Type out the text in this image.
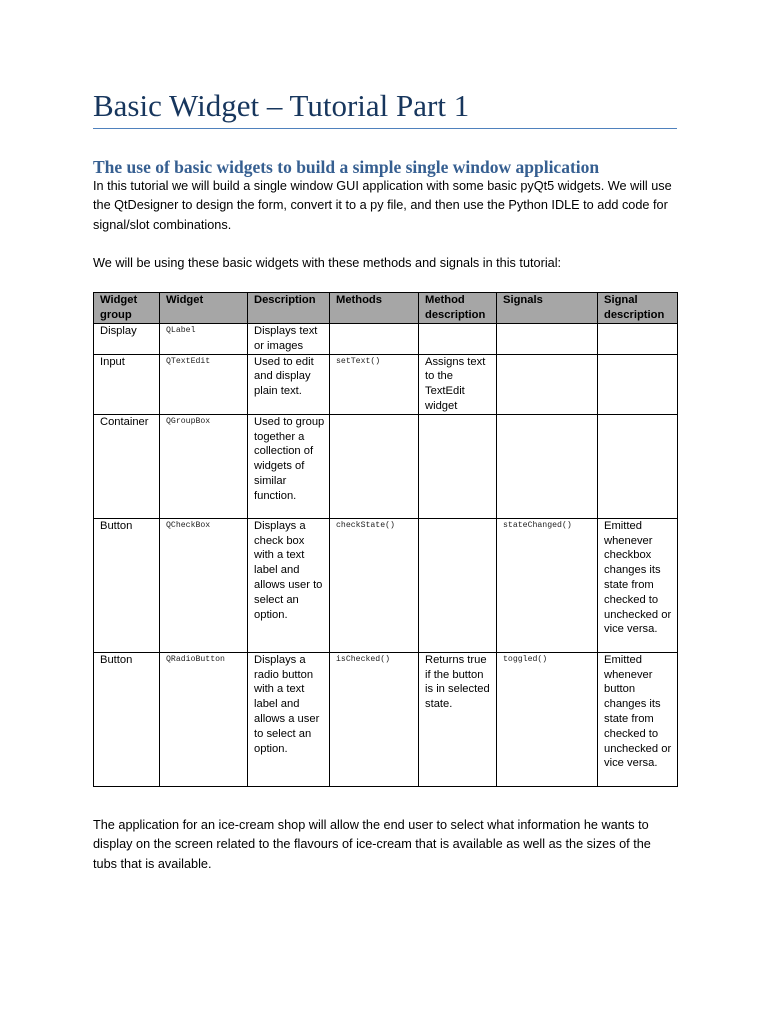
Basic Widget – Tutorial Part 1
The use of basic widgets to build a simple single window application
In this tutorial we will build a single window GUI application with some basic pyQt5 widgets. We will use the QtDesigner to design the form, convert it to a py file, and then use the Python IDLE to add code for signal/slot combinations.
We will be using these basic widgets with these methods and signals in this tutorial:
Widget group	Widget	Description	Methods	Method description	Signals	Signal description
Display	QLabel	Displays text or images				
Input	QTextEdit	Used to edit and display plain text.	setText()	Assigns text to the TextEdit widget		
Container	QGroupBox	Used to group together a collection of widgets of similar function.				
Button	QCheckBox	Displays a check box with a text label and allows user to select an option.	checkState()		stateChanged()	Emitted whenever checkbox changes its state from checked to unchecked or vice versa.
Button	QRadioButton	Displays a radio button with a text label and allows a user to select an option.	isChecked()	Returns true if the button is in selected state.	toggled()	Emitted whenever button changes its state from checked to unchecked or vice versa.
The application for an ice-cream shop will allow the end user to select what information he wants to display on the screen related to the flavours of ice-cream that is available as well as the sizes of the tubs that is available.
